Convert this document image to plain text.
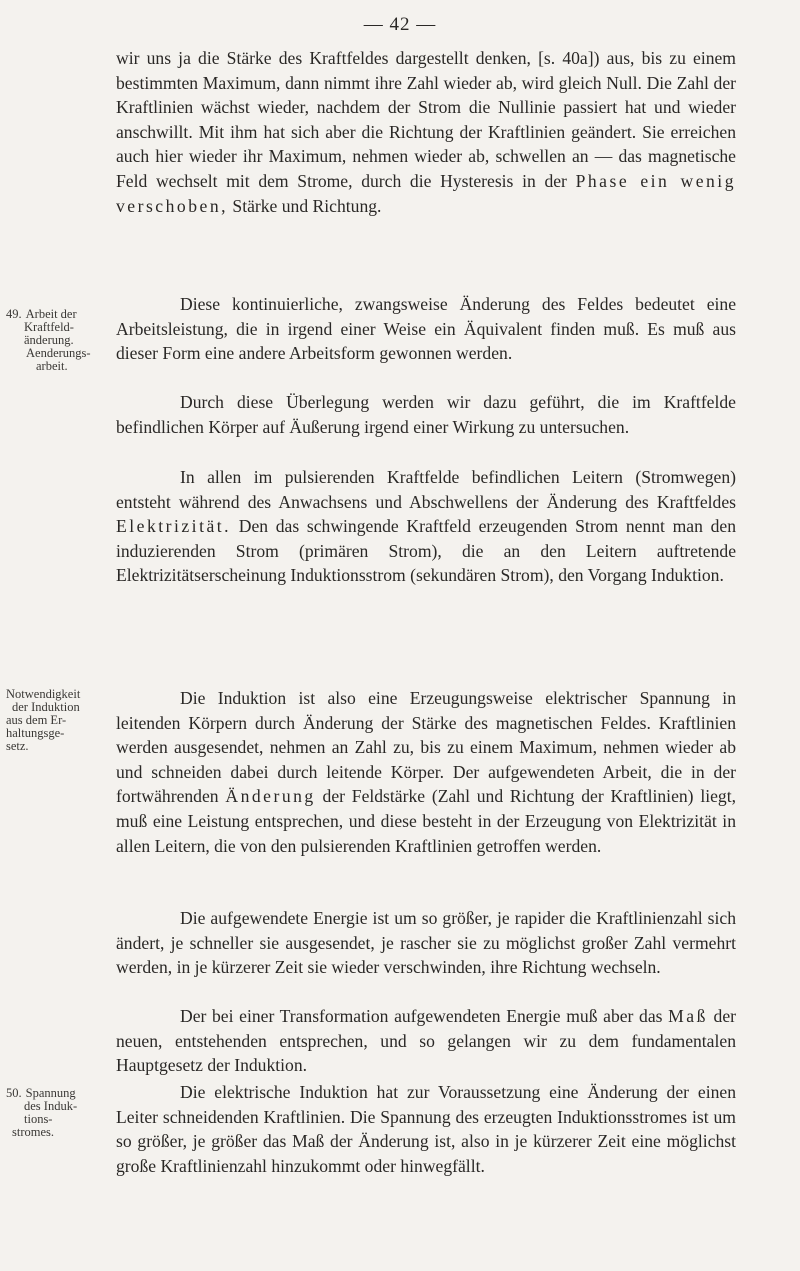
— 42 —

wir uns ja die Stärke des Kraftfeldes dargestellt denken, [s. 40a]) aus, bis zu einem bestimmten Maximum, dann nimmt ihre Zahl wieder ab, wird gleich Null. Die Zahl der Kraftlinien wächst wieder, nachdem der Strom die Nullinie passiert hat und wieder anschwillt. Mit ihm hat sich aber die Richtung der Kraftlinien geändert. Sie erreichen auch hier wieder ihr Maximum, nehmen wieder ab, schwellen an — das magnetische Feld wechselt mit dem Strome, durch die Hysteresis in der Phase ein wenig verschoben, Stärke und Richtung.

49. Arbeit der
Kraftfeld-
änderung.
Aenderungs-
arbeit.

Diese kontinuierliche, zwangsweise Änderung des Feldes bedeutet eine Arbeitsleistung, die in irgend einer Weise ein Äquivalent finden muß. Es muß aus dieser Form eine andere Arbeitsform gewonnen werden.

Durch diese Überlegung werden wir dazu geführt, die im Kraftfelde befindlichen Körper auf Äußerung irgend einer Wirkung zu untersuchen.

In allen im pulsierenden Kraftfelde befindlichen Leitern (Stromwegen) entsteht während des Anwachsens und Abschwellens der Änderung des Kraftfeldes Elektrizität. Den das schwingende Kraftfeld erzeugenden Strom nennt man den induzierenden Strom (primären Strom), die an den Leitern auftretende Elektrizitätserscheinung Induktionsstrom (sekundären Strom), den Vorgang Induktion.

Notwendigkeit
der Induktion
aus dem Er-
haltungsge-
setz.

Die Induktion ist also eine Erzeugungsweise elektrischer Spannung in leitenden Körpern durch Änderung der Stärke des magnetischen Feldes. Kraftlinien werden ausgesendet, nehmen an Zahl zu, bis zu einem Maximum, nehmen wieder ab und schneiden dabei durch leitende Körper. Der aufgewendeten Arbeit, die in der fortwährenden Änderung der Feldstärke (Zahl und Richtung der Kraftlinien) liegt, muß eine Leistung entsprechen, und diese besteht in der Erzeugung von Elektrizität in allen Leitern, die von den pulsierenden Kraftlinien getroffen werden.

Die aufgewendete Energie ist um so größer, je rapider die Kraftlinienzahl sich ändert, je schneller sie ausgesendet, je rascher sie zu möglichst großer Zahl vermehrt werden, in je kürzerer Zeit sie wieder verschwinden, ihre Richtung wechseln.

Der bei einer Transformation aufgewendeten Energie muß aber das Maß der neuen, entstehenden entsprechen, und so gelangen wir zu dem fundamentalen Hauptgesetz der Induktion.

50. Spannung
des Induk-
tions-
stromes.

Die elektrische Induktion hat zur Voraussetzung eine Änderung der einen Leiter schneidenden Kraftlinien. Die Spannung des erzeugten Induktionsstromes ist um so größer, je größer das Maß der Änderung ist, also in je kürzerer Zeit eine möglichst große Kraftlinienzahl hinzukommt oder hinwegfällt.
